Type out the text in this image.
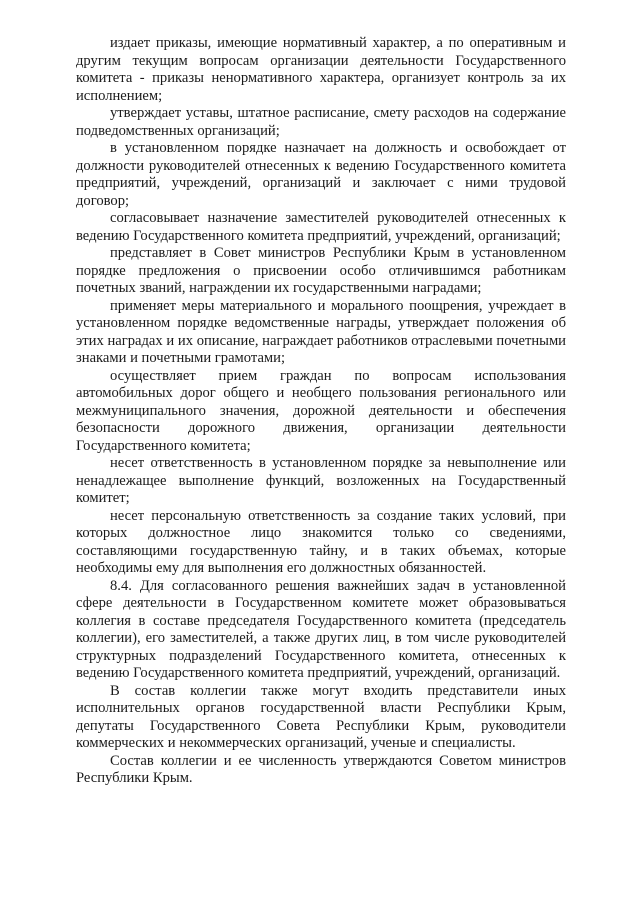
издает приказы, имеющие нормативный характер, а по оперативным и другим текущим вопросам организации деятельности Государственного комитета - приказы ненормативного характера, организует контроль за их исполнением;

утверждает уставы, штатное расписание, смету расходов на содержание подведомственных организаций;

в установленном порядке назначает на должность и освобождает от должности руководителей отнесенных к ведению Государственного комитета предприятий, учреждений, организаций и заключает с ними трудовой договор;

согласовывает назначение заместителей руководителей отнесенных к ведению Государственного комитета предприятий, учреждений, организаций;

представляет в Совет министров Республики Крым в установленном порядке предложения о присвоении особо отличившимся работникам почетных званий, награждении их государственными наградами;

применяет меры материального и морального поощрения, учреждает в установленном порядке ведомственные награды, утверждает положения об этих наградах и их описание, награждает работников отраслевыми почетными знаками и почетными грамотами;

осуществляет прием граждан по вопросам использования автомобильных дорог общего и необщего пользования регионального или межмуниципального значения, дорожной деятельности и обеспечения безопасности дорожного движения, организации деятельности Государственного комитета;

несет ответственность в установленном порядке за невыполнение или ненадлежащее выполнение функций, возложенных на Государственный комитет;

несет персональную ответственность за создание таких условий, при которых должностное лицо знакомится только со сведениями, составляющими государственную тайну, и в таких объемах, которые необходимы ему для выполнения его должностных обязанностей.

8.4. Для согласованного решения важнейших задач в установленной сфере деятельности в Государственном комитете может образовываться коллегия в составе председателя Государственного комитета (председатель коллегии), его заместителей, а также других лиц, в том числе руководителей структурных подразделений Государственного комитета, отнесенных к ведению Государственного комитета предприятий, учреждений, организаций.

В состав коллегии также могут входить представители иных исполнительных органов государственной власти Республики Крым, депутаты Государственного Совета Республики Крым, руководители коммерческих и некоммерческих организаций, ученые и специалисты.

Состав коллегии и ее численность утверждаются Советом министров Республики Крым.
